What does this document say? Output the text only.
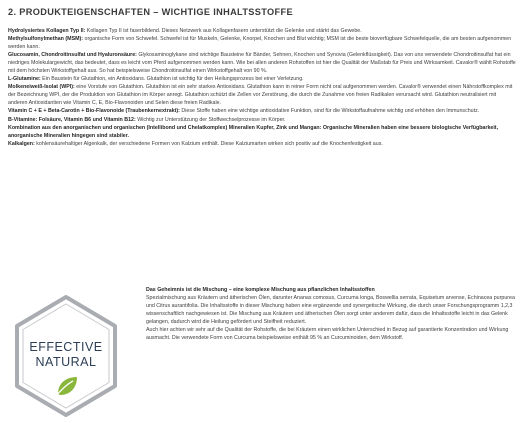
2. PRODUKTEIGENSCHAFTEN – WICHTIGE INHALTSSTOFFE

Hydrolysiertes Kollagen Typ II: Kollagen Typ II ist faserbildend. Dieses Netzwerk aus Kollagenfasern unterstützt die Gelenke und stärkt das Gewebe.

Methylsulfonylmethan (MSM): organische Form von Schwefel. Schwefel ist für Muskeln, Gelenke, Knorpel, Knochen und Blut wichtig; MSM ist die beste bioverfügbare Schwefelquelle, die am besten aufgenommen werden kann.

Glucosamin, Chondroitinsulfat und Hyaluronsäure: Glykosaminoglykane sind wichtige Bausteine für Bänder, Sehnen, Knochen und Synovia (Gelenkflüssigkeit). Das von uns verwendete Chondroitinsulfat hat ein niedriges Molekulargewicht, das bedeutet, dass es leicht vom Pferd aufgenommen werden kann. Wie bei allen anderen Rohstoffen ist hier die Qualität der Maßstab für Preis und Wirksamkeit. Cavalor® wählt Rohstoffe mit dem höchsten Wirkstoffgehalt aus. So hat beispielsweise Chondroitinsulfat einen Wirkstoffgehalt von 90 %.

L-Glutamine: Ein Baustein für Glutathion, ein Antioxidans. Glutathion ist wichtig für den Heilungsprozess bei einer Verletzung.

Molkeneiweiß-Isolat (WPI): eine Vorstufe von Glutathion. Glutathion ist ein sehr starkes Antioxidans. Glutathion kann in reiner Form nicht oral aufgenommen werden. Cavalor® verwendet einen Nährstoffkomplex mit der Bezeichnung WPI, der die Produktion von Glutathion im Körper anregt. Glutathion schützt die Zellen vor Zerstörung, die durch die Zunahme von freien Radikalen verursacht wird. Glutathion neutralisiert mit anderen Antioxidantien wie Vitamin C, E, Bio-Flavonoiden und Selen diese freien Radikale.

Vitamin C + E + Beta-Carotin + Bio-Flavonoide (Traubenkernextrakt): Diese Stoffe haben eine wichtige antioxidative Funktion, sind für die Wirkstoffaufnahme wichtig und erhöhen den Immunschutz.

B-Vitamine: Folsäure, Vitamin B6 und Vitamin B12: Wichtig zur Unterstützung der Stoffwechselprozesse im Körper.

Kombination aus den anorganischen und organischen (Intellibond und Chelatkomplex) Mineralien Kupfer, Zink und Mangan: Organische Mineralien haben eine bessere biologische Verfügbarkeit, anorganische Mineralien hingegen sind stabiler.

Kalkalgen: kohlensäurehaltiger Algenkalk, der verschiedene Formen von Kalzium enthält. Diese Kalziumarten wirken sich positiv auf die Knochenfestigkeit aus.

EFFECTIVE
NATURAL
Das Geheimnis ist die Mischung – eine komplexe Mischung aus pflanzlichen Inhaltsstoffen
Spezialmischung aus Kräutern und ätherischen Ölen, darunter Ananas comosus, Curcuma longa, Boswellia serrata, Equisetum arvense, Echinacea purpurea und Citrus aurantifolia. Die Inhaltsstoffe in dieser Mischung haben eine ergänzende und synergetische Wirkung, die durch unser Forschungsprogramm 1,2,3 wissenschaftlich nachgewiesen ist. Die Mischung aus Kräutern und ätherischen Ölen sorgt unter anderem dafür, dass die Inhaltsstoffe leicht in das Gelenk gelangen, dadurch wird die Heilung gefördert und Steifheit reduziert.
Auch hier achten wir sehr auf die Qualität der Rohstoffe, die bei Kräutern einen wirklichen Unterschied in Bezug auf garantierte Konzentration und Wirkung ausmacht. Die verwendete Form von Curcuma beispielsweise enthält 95 % an Curcuminoiden, dem Wirkstoff.
